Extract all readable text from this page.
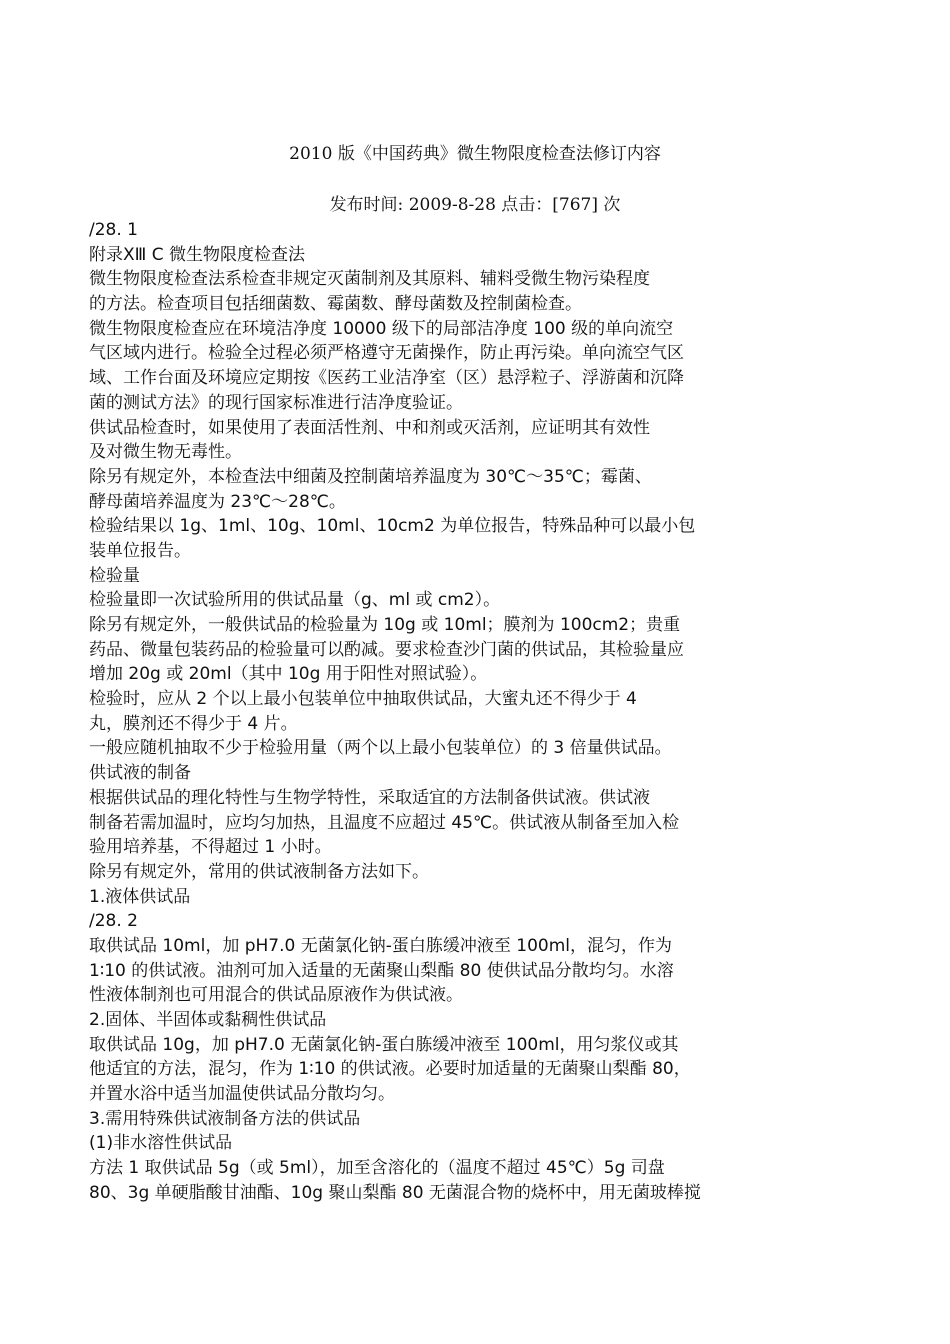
2010 版《中国药典》微生物限度检查法修订内容
发布时间: 2009-8-28 点击：[767] 次
/28. 1
附录ⅩⅢ C 微生物限度检查法
微生物限度检查法系检查非规定灭菌制剂及其原料、辅料受微生物污染程度
的方法。检查项目包括细菌数、霉菌数、酵母菌数及控制菌检查。
微生物限度检查应在环境洁净度 10000 级下的局部洁净度 100 级的单向流空
气区域内进行。检验全过程必须严格遵守无菌操作，防止再污染。单向流空气区
域、工作台面及环境应定期按《医药工业洁净室（区）悬浮粒子、浮游菌和沉降
菌的测试方法》的现行国家标准进行洁净度验证。
供试品检查时，如果使用了表面活性剂、中和剂或灭活剂，应证明其有效性
及对微生物无毒性。
除另有规定外，本检查法中细菌及控制菌培养温度为 30℃～35℃；霉菌、
酵母菌培养温度为 23℃～28℃。
检验结果以 1g、1ml、10g、10ml、10cm2 为单位报告，特殊品种可以最小包
装单位报告。
检验量
检验量即一次试验所用的供试品量（g、ml 或 cm2）。
除另有规定外，一般供试品的检验量为 10g 或 10ml；膜剂为 100cm2；贵重
药品、微量包装药品的检验量可以酌减。要求检查沙门菌的供试品，其检验量应
增加 20g 或 20ml（其中 10g 用于阳性对照试验）。
检验时，应从 2 个以上最小包装单位中抽取供试品，大蜜丸还不得少于 4
丸，膜剂还不得少于 4 片。
一般应随机抽取不少于检验用量（两个以上最小包装单位）的 3 倍量供试品。
供试液的制备
根据供试品的理化特性与生物学特性，采取适宜的方法制备供试液。供试液
制备若需加温时，应均匀加热，且温度不应超过 45℃。供试液从制备至加入检
验用培养基，不得超过 1 小时。
除另有规定外，常用的供试液制备方法如下。
1.液体供试品
/28. 2
取供试品 10ml，加 pH7.0 无菌氯化钠-蛋白胨缓冲液至 100ml，混匀，作为
1∶10 的供试液。油剂可加入适量的无菌聚山梨酯 80 使供试品分散均匀。水溶
性液体制剂也可用混合的供试品原液作为供试液。
2.固体、半固体或黏稠性供试品
取供试品 10g，加 pH7.0 无菌氯化钠-蛋白胨缓冲液至 100ml，用匀浆仪或其
他适宜的方法，混匀，作为 1∶10 的供试液。必要时加适量的无菌聚山梨酯 80，
并置水浴中适当加温使供试品分散均匀。
3.需用特殊供试液制备方法的供试品
(1)非水溶性供试品
方法 1 取供试品 5g（或 5ml），加至含溶化的（温度不超过 45℃）5g 司盘
80、3g 单硬脂酸甘油酯、10g 聚山梨酯 80 无菌混合物的烧杯中，用无菌玻棒搅
